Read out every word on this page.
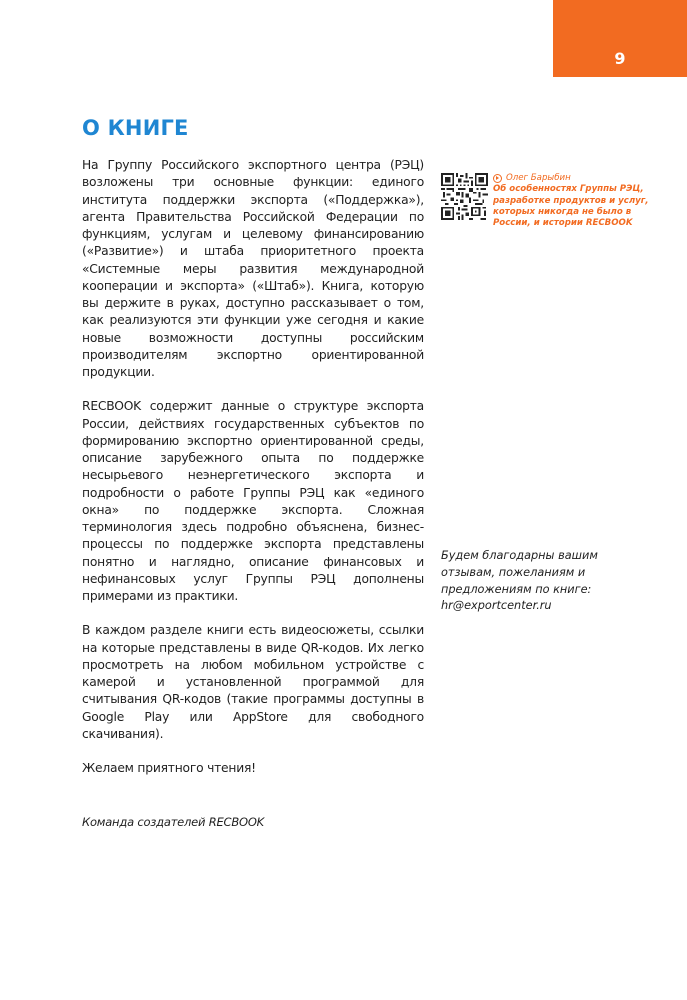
9
О КНИГЕ

На Группу Российского экспортного центра (РЭЦ) возложены три основные функции: единого института поддержки экспорта («Поддержка»), агента Правительства Российской Федерации по функциям, услугам и целевому финансированию («Развитие») и штаба приоритетного проекта «Системные меры развития международной кооперации и экспорта» («Штаб»). Книга, которую вы держите в руках, доступно рассказывает о том, как реализуются эти функции уже сегодня и какие новые возможности доступны российским производителям экспортно ориентированной продукции.

RECBOOK содержит данные о структуре экспорта России, действиях государственных субъектов по формированию экспортно ориентированной среды, описание зарубежного опыта по поддержке несырьевого неэнергетического экспорта и подробности о работе Группы РЭЦ как «единого окна» по поддержке экспорта. Сложная терминология здесь подробно объяснена, бизнес-процессы по поддержке экспорта представлены понятно и наглядно, описание финансовых и нефинансовых услуг Группы РЭЦ дополнены примерами из практики.

В каждом разделе книги есть видеосюжеты, ссылки на которые представлены в виде QR-кодов. Их легко просмотреть на любом мобильном устройстве с камерой и установленной программой для считывания QR-кодов (такие программы доступны в Google Play или AppStore для свободного скачивания).

Желаем приятного чтения!

Команда создателей RECBOOK

Олег Барыбин
Об особенностях Группы РЭЦ, разработке продуктов и услуг, которых никогда не было в России, и истории RECBOOK
Будем благодарны вашим отзывам, пожеланиям и предложениям по книге: hr@exportcenter.ru
